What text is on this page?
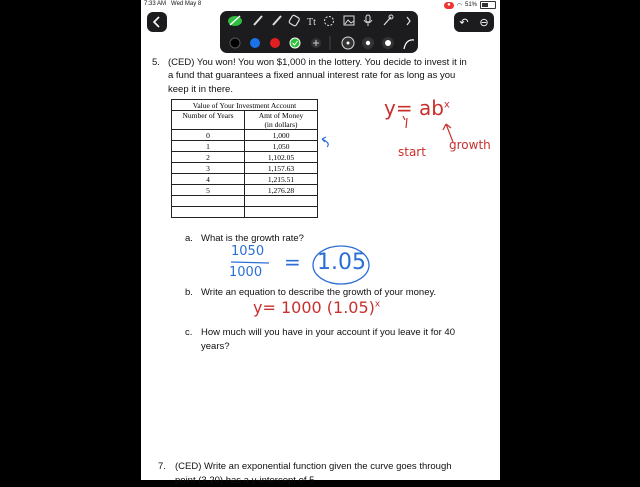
7:33 AM Wed May 8	●	◠ 51%
Tt	↶ ⊖
5. (CED) You won! You won $1,000 in the lottery. You decide to invest it in
a fund that guarantees a fixed annual interest rate for as long as you
keep it in there.
Value of Your Investment Account	
Number of Years	Amt of Money
(in dollars)
0	1,000
1	1,050
2	1,102.05
3	1,157.63
4	1,215.51
5	1,276.28

a. What is the growth rate?
b. Write an equation to describe the growth of your money.
c. How much will you have in your account if you leave it for 40
years?
$y= ab^x$
start growth
1050
1000 = 1.05
y= 1000 $(1.05)^x$
7. (CED) Write an exponential function given the curve goes through
point (3,20) has a y-intercept of 5
